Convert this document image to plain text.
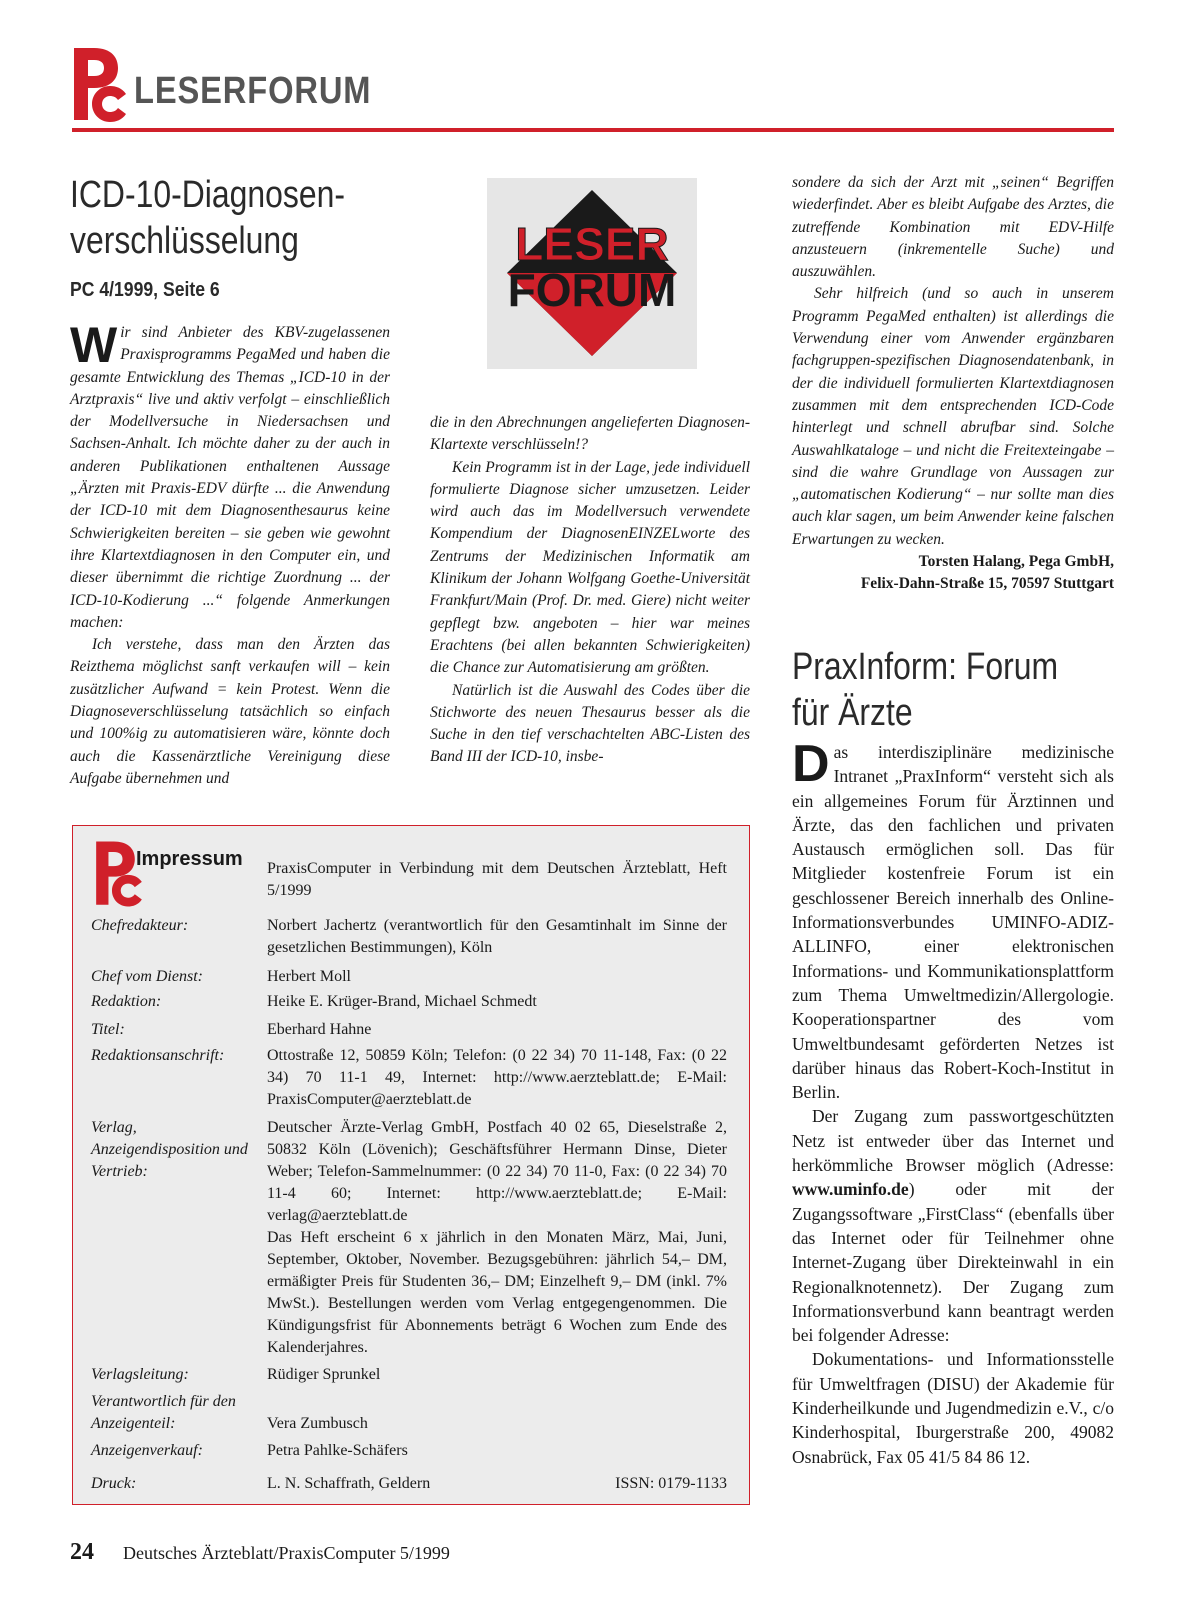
LESERFORUM
ICD-10-Diagnosen-
verschlüsselung
PC 4/1999, Seite 6

Wir sind Anbieter des KBV-zugelassenen Praxisprogramms PegaMed und haben die gesamte Entwicklung des Themas „ICD-10 in der Arztpraxis“ live und aktiv verfolgt – einschließlich der Modellversuche in Niedersachsen und Sachsen-Anhalt. Ich möchte daher zu der auch in anderen Publikationen enthaltenen Aussage „Ärzten mit Praxis-EDV dürfte ... die Anwendung der ICD-10 mit dem Diagnosenthesaurus keine Schwierigkeiten bereiten – sie geben wie gewohnt ihre Klartextdiagnosen in den Computer ein, und dieser übernimmt die richtige Zuordnung ... der ICD-10-Kodierung ...“ folgende Anmerkungen machen:

Ich verstehe, dass man den Ärzten das Reizthema möglichst sanft verkaufen will – kein zusätzlicher Aufwand = kein Protest. Wenn die Diagnoseverschlüsselung tatsächlich so einfach und 100%ig zu automatisieren wäre, könnte doch auch die Kassenärztliche Vereinigung diese Aufgabe übernehmen und

LESER
FORUM

die in den Abrechnungen angelieferten Diagnosen-Klartexte verschlüsseln!?

Kein Programm ist in der Lage, jede individuell formulierte Diagnose sicher umzusetzen. Leider wird auch das im Modellversuch verwendete Kompendium der DiagnosenEINZELworte des Zentrums der Medizinischen Informatik am Klinikum der Johann Wolfgang Goethe-Universität Frankfurt/Main (Prof. Dr. med. Giere) nicht weiter gepflegt bzw. angeboten – hier war meines Erachtens (bei allen bekannten Schwierigkeiten) die Chance zur Automatisierung am größten.

Natürlich ist die Auswahl des Codes über die Stichworte des neuen Thesaurus besser als die Suche in den tief verschachtelten ABC-Listen des Band III der ICD-10, insbe-

sondere da sich der Arzt mit „seinen“ Begriffen wiederfindet. Aber es bleibt Aufgabe des Arztes, die zutreffende Kombination mit EDV-Hilfe anzusteuern (inkrementelle Suche) und auszuwählen.

Sehr hilfreich (und so auch in unserem Programm PegaMed enthalten) ist allerdings die Verwendung einer vom Anwender ergänzbaren fachgruppen-spezifischen Diagnosendatenbank, in der die individuell formulierten Klartextdiagnosen zusammen mit dem entsprechenden ICD-Code hinterlegt und schnell abrufbar sind. Solche Auswahlkataloge – und nicht die Freitexteingabe – sind die wahre Grundlage von Aussagen zur „automatischen Kodierung“ – nur sollte man dies auch klar sagen, um beim Anwender keine falschen Erwartungen zu wecken.

Torsten Halang, Pega GmbH,
Felix-Dahn-Straße 15, 70597 Stuttgart
PraxInform: Forum
für Ärzte

Das interdisziplinäre medizinische Intranet „PraxInform“ versteht sich als ein allgemeines Forum für Ärztinnen und Ärzte, das den fachlichen und privaten Austausch ermöglichen soll. Das für Mitglieder kostenfreie Forum ist ein geschlossener Bereich innerhalb des Online-Informationsverbundes UMINFO-ADIZ-ALLINFO, einer elektronischen Informations- und Kommunikationsplattform zum Thema Umweltmedizin/Allergologie. Kooperationspartner des vom Umweltbundesamt geförderten Netzes ist darüber hinaus das Robert-Koch-Institut in Berlin.

Der Zugang zum passwortgeschützten Netz ist entweder über das Internet und herkömmliche Browser möglich (Adresse: www.uminfo.de) oder mit der Zugangssoftware „FirstClass“ (ebenfalls über das Internet oder für Teilnehmer ohne Internet-Zugang über Direkteinwahl in ein Regionalknotennetz). Der Zugang zum Informationsverbund kann beantragt werden bei folgender Adresse:

Dokumentations- und Informationsstelle für Umweltfragen (DISU) der Akademie für Kinderheilkunde und Jugendmedizin e.V., c/o Kinderhospital, Iburgerstraße 200, 49082 Osnabrück, Fax 05 41/5 84 86 12.

Impressum PraxisComputer in Verbindung mit dem Deutschen Ärzteblatt, Heft 5/1999
Chefredakteur:	Norbert Jachertz (verantwortlich für den Gesamtinhalt im Sinne der gesetzlichen Bestimmungen), Köln
Chef vom Dienst:	Herbert Moll
Redaktion:	Heike E. Krüger-Brand, Michael Schmedt
Titel:	Eberhard Hahne
Redaktionsanschrift:	Ottostraße 12, 50859 Köln; Telefon: (0 22 34) 70 11-148, Fax: (0 22 34) 70 11-1 49, Internet: http://www.aerzteblatt.de; E-Mail: PraxisComputer@aerzteblatt.de
Verlag, Anzeigendisposition und Vertrieb:
Deutscher Ärzte-Verlag GmbH, Postfach 40 02 65, Dieselstraße 2, 50832 Köln (Lövenich); Geschäftsführer Hermann Dinse, Dieter Weber; Telefon-Sammelnummer: (0 22 34) 70 11-0, Fax: (0 22 34) 70 11-4 60; Internet: http://www.aerzteblatt.de; E-Mail: verlag@aerzteblatt.de
Das Heft erscheint 6 x jährlich in den Monaten März, Mai, Juni, September, Oktober, November. Bezugsgebühren: jährlich 54,– DM, ermäßigter Preis für Studenten 36,– DM; Einzelheft 9,– DM (inkl. 7% MwSt.). Bestellungen werden vom Verlag entgegengenommen. Die Kündigungsfrist für Abonnements beträgt 6 Wochen zum Ende des Kalenderjahres.
Verlagsleitung:	Rüdiger Sprunkel
Verantwortlich für den Anzeigenteil:	Vera Zumbusch
Anzeigenverkauf:	Petra Pahlke-Schäfers
Druck:	L. N. Schaffrath, Geldern	ISSN: 0179-1133
24 Deutsches Ärzteblatt/PraxisComputer 5/1999
